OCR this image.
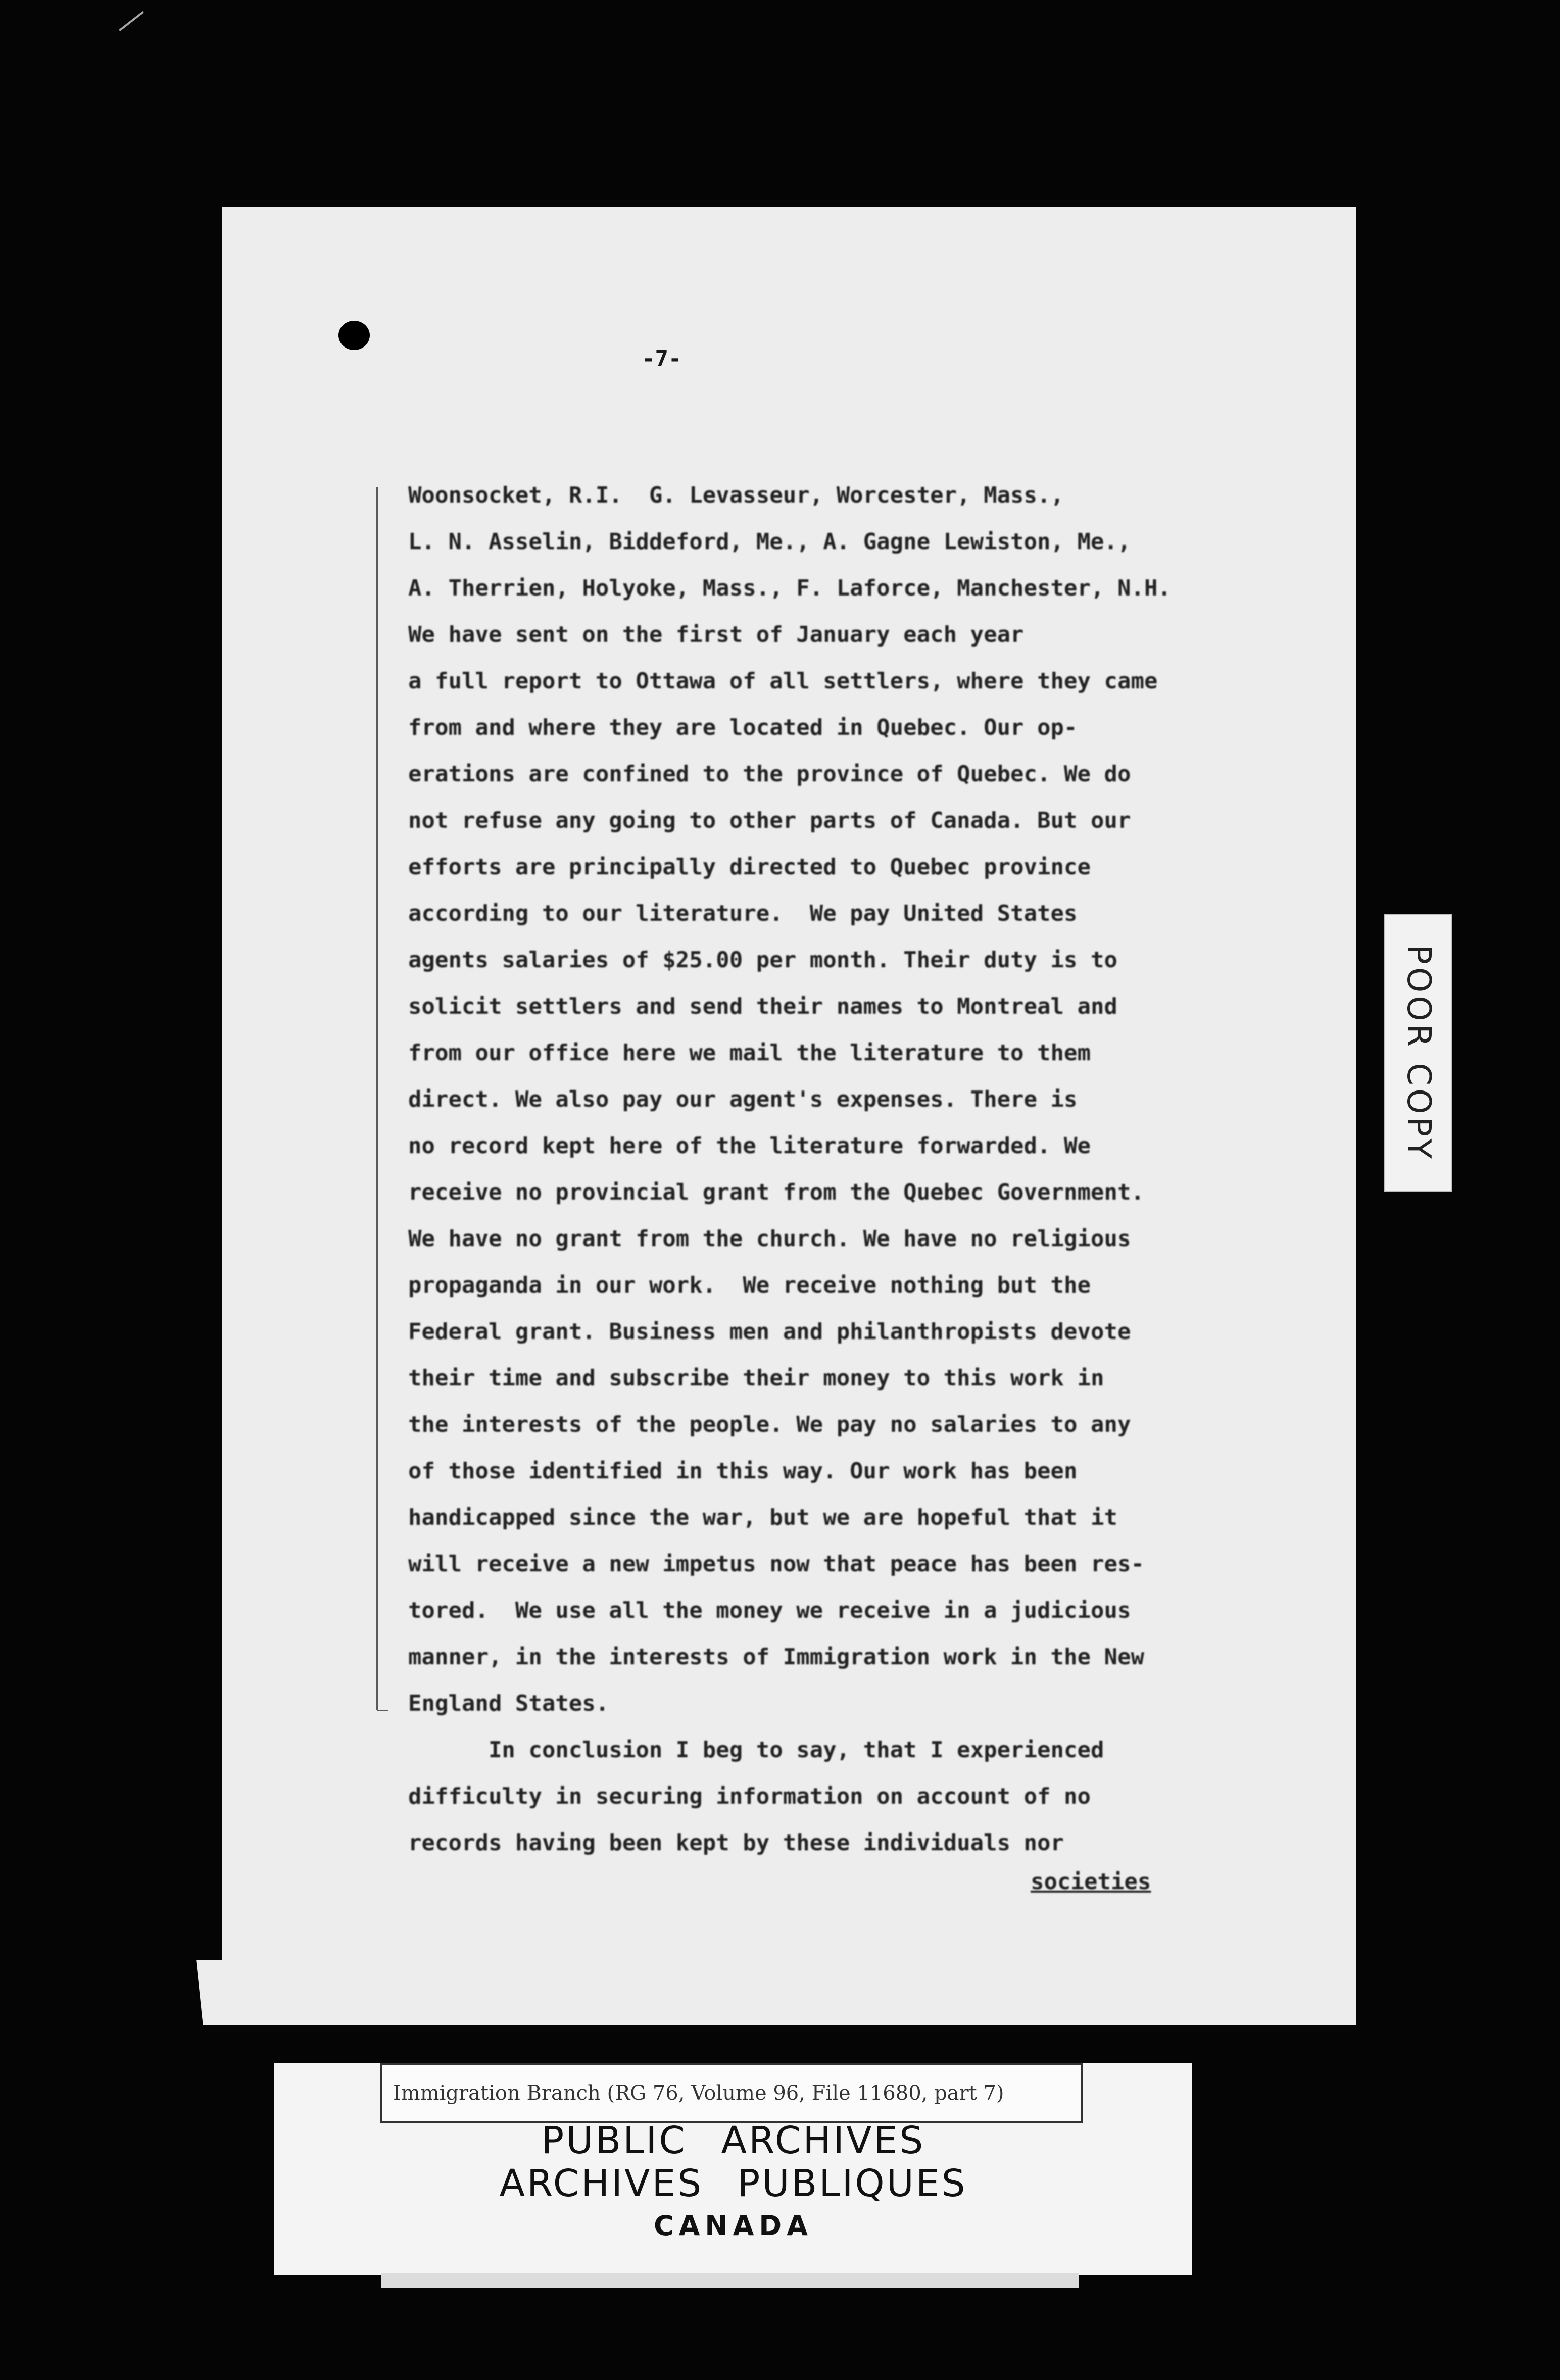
-7-
Woonsocket, R.I.  G. Levasseur, Worcester, Mass.,
L. N. Asselin, Biddeford, Me., A. Gagne Lewiston, Me.,
A. Therrien, Holyoke, Mass., F. Laforce, Manchester, N.H.
We have sent on the first of January each year
a full report to Ottawa of all settlers, where they came
from and where they are located in Quebec. Our op-
erations are confined to the province of Quebec. We do
not refuse any going to other parts of Canada. But our
efforts are principally directed to Quebec province
according to our literature.  We pay United States
agents salaries of $25.00 per month. Their duty is to
solicit settlers and send their names to Montreal and
from our office here we mail the literature to them
direct. We also pay our agent's expenses. There is
no record kept here of the literature forwarded. We
receive no provincial grant from the Quebec Government.
We have no grant from the church. We have no religious
propaganda in our work.  We receive nothing but the
Federal grant. Business men and philanthropists devote
their time and subscribe their money to this work in
the interests of the people. We pay no salaries to any
of those identified in this way. Our work has been
handicapped since the war, but we are hopeful that it
will receive a new impetus now that peace has been res-
tored.  We use all the money we receive in a judicious
manner, in the interests of Immigration work in the New
England States.
In conclusion I beg to say, that I experienced
difficulty in securing information on account of no
records having been kept by these individuals nor
societies
POOR COPY
Immigration Branch (RG 76, Volume 96, File 11680, part 7)
PUBLIC ARCHIVES
ARCHIVES PUBLIQUES
CANADA
